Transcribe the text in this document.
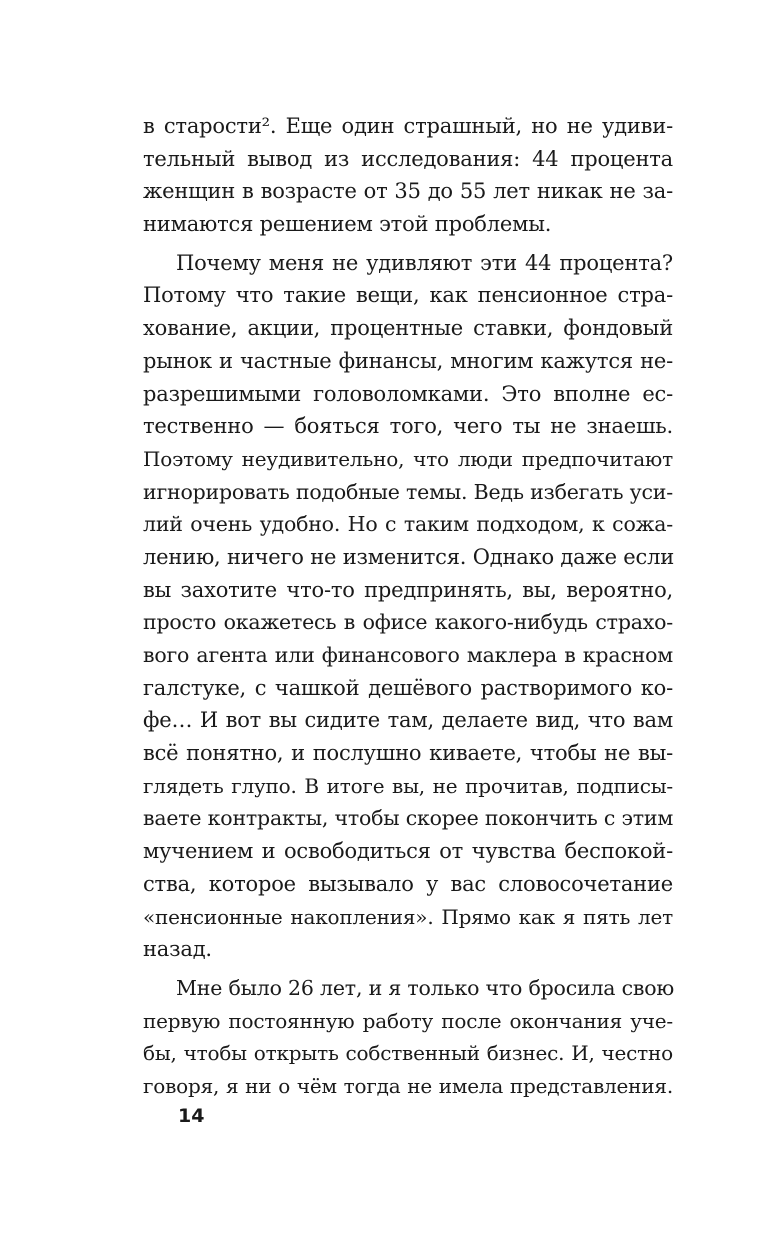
в старости². Еще один страшный, но не удиви-
тельный вывод из исследования: 44 процента
женщин в возрасте от 35 до 55 лет никак не за-
нимаются решением этой проблемы.
Почему меня не удивляют эти 44 процента?
Потому что такие вещи, как пенсионное стра-
хование, акции, процентные ставки, фондовый
рынок и частные финансы, многим кажутся не-
разрешимыми головоломками. Это вполне ес-
тественно — бояться того, чего ты не знаешь.
Поэтому неудивительно, что люди предпочитают
игнорировать подобные темы. Ведь избегать уси-
лий очень удобно. Но с таким подходом, к сожа-
лению, ничего не изменится. Однако даже если
вы захотите что-то предпринять, вы, вероятно,
просто окажетесь в офисе какого-нибудь страхо-
вого агента или финансового маклера в красном
галстуке, с чашкой дешёвого растворимого ко-
фе… И вот вы сидите там, делаете вид, что вам
всё понятно, и послушно киваете, чтобы не вы-
глядеть глупо. В итоге вы, не прочитав, подписы-
ваете контракты, чтобы скорее покончить с этим
мучением и освободиться от чувства беспокой-
ства, которое вызывало у вас словосочетание
«пенсионные накопления». Прямо как я пять лет
назад.
Мне было 26 лет, и я только что бросила свою
первую постоянную работу после окончания уче-
бы, чтобы открыть собственный бизнес. И, честно
говоря, я ни о чём тогда не имела представления.
14
